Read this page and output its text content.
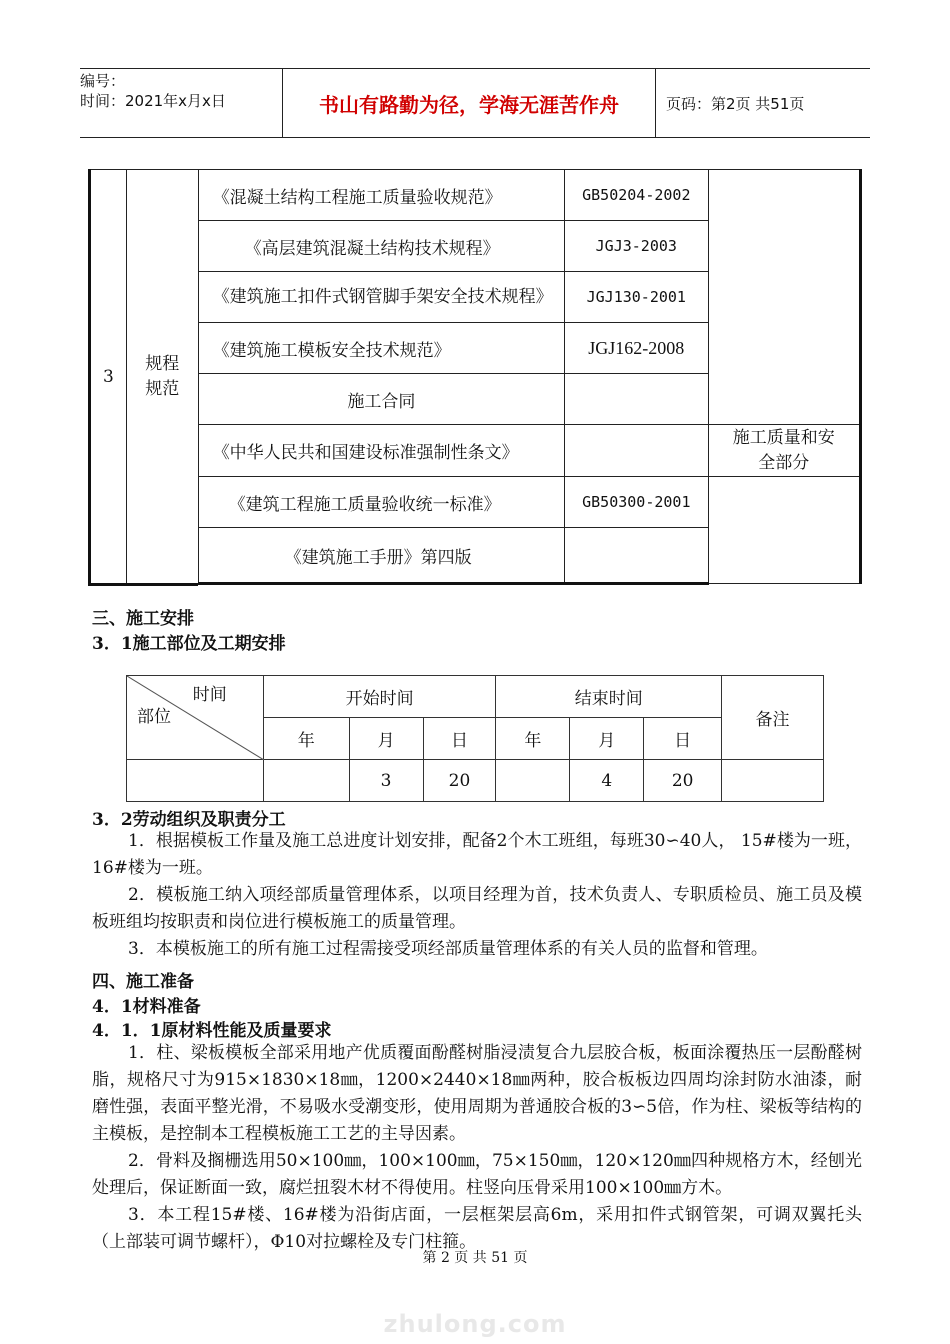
编号：
时间：2021年x月x日	书山有路勤为径，学海无涯苦作舟	页码：第2页 共51页
3	规程规范	《混凝土结构工程施工质量验收规范》	GB50204-2002	
		《高层建筑混凝土结构技术规程》	JGJ3-2003	
		《建筑施工扣件式钢管脚手架安全技术规程》	JGJ130-2001	
		《建筑施工模板安全技术规范》	JGJ162-2008	
		施工合同		
		《中华人民共和国建设标准强制性条文》		施工质量和安全部分
		《建筑工程施工质量验收统一标准》	GB50300-2001	
		《建筑施工手册》第四版		
三、施工安排
3．1施工部位及工期安排
时间
部位	开始时间			结束时间			备注
	年	月	日	年	月	日	
		3	20		4	20	
3．2劳动组织及职责分工

1．根据模板工作量及施工总进度计划安排，配备2个木工班组，每班30∽40人， 15#楼为一班， 16#楼为一班。

2．模板施工纳入项经部质量管理体系，以项目经理为首，技术负责人、专职质检员、施工员及模板班组均按职责和岗位进行模板施工的质量管理。

3．本模板施工的所有施工过程需接受项经部质量管理体系的有关人员的监督和管理。

四、施工准备
4．1材料准备
4．1．1原材料性能及质量要求

1．柱、梁板模板全部采用地产优质覆面酚醛树脂浸渍复合九层胶合板，板面涂覆热压一层酚醛树脂，规格尺寸为915×1830×18㎜，1200×2440×18㎜两种，胶合板板边四周均涂封防水油漆，耐磨性强，表面平整光滑，不易吸水受潮变形，使用周期为普通胶合板的3∽5倍，作为柱、梁板等结构的主模板，是控制本工程模板施工工艺的主导因素。

2．骨料及搁栅选用50×100㎜，100×100㎜，75×150㎜，120×120㎜四种规格方木，经刨光处理后，保证断面一致，腐烂扭裂木材不得使用。柱竖向压骨采用100×100㎜方木。

3．本工程15#楼、16#楼为沿街店面，一层框架层高6m，采用扣件式钢管架，可调双翼托头（上部装可调节螺杆），Φ10对拉螺栓及专门柱箍。

第 2 页 共 51 页
zhulong.com
